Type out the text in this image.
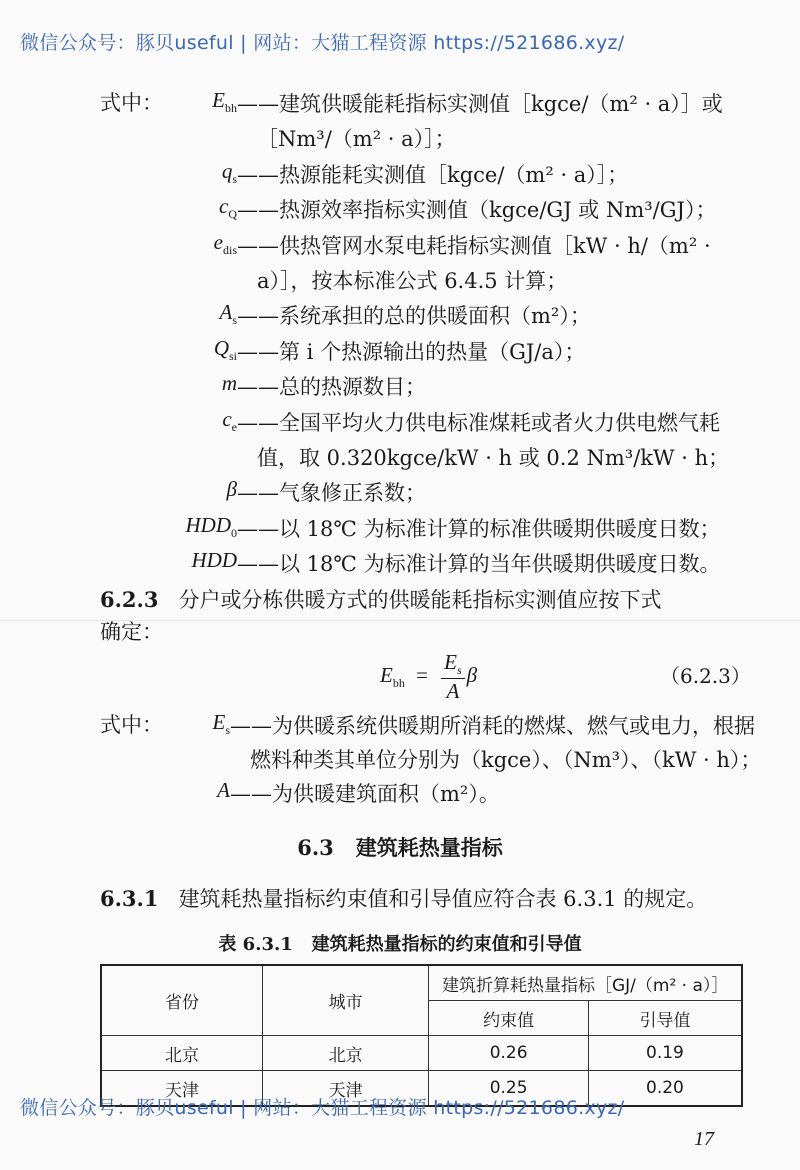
微信公众号：豚贝useful | 网站：大猫工程资源 https://521686.xyz/
式中：	$E_{bh}$ ——建筑供暖能耗指标实测值［kgce/（m² · a）］或
［Nm³/（m² · a）］；
$q_s$ ——热源能耗实测值［kgce/（m² · a）］；
$c_Q$ ——热源效率指标实测值（kgce/GJ 或 Nm³/GJ）；
$e_{dis}$ ——供热管网水泵电耗指标实测值［kW · h/（m² ·
a）］，按本标准公式 6.4.5 计算；
$A_s$ ——系统承担的总的供暖面积（m²）；
$Q_{si}$ ——第 i 个热源输出的热量（GJ/a）；
m ——总的热源数目；
$c_e$ ——全国平均火力供电标准煤耗或者火力供电燃气耗
值，取 0.320kgce/kW · h 或 0.2 Nm³/kW · h；
β ——气象修正系数；
$HDD_0$ ——以 18℃ 为标准计算的标准供暖期供暖度日数；
HDD ——以 18℃ 为标准计算的当年供暖期供暖度日数。
6.2.3 分户或分栋供暖方式的供暖能耗指标实测值应按下式
确定：
$E_{bh} = \frac{E_s}{A}$ β	（6.2.3）
式中：	$E_s$ ——为供暖系统供暖期所消耗的燃煤、燃气或电力，根据
燃料种类其单位分别为（kgce）、（Nm³）、（kW · h）；
A ——为供暖建筑面积（m²）。
6.3 建筑耗热量指标
6.3.1 建筑耗热量指标约束值和引导值应符合表 6.3.1 的规定。
表 6.3.1 建筑耗热量指标的约束值和引导值
省份	城市	建筑折算耗热量指标［GJ/（m² · a）］	
		约束值	引导值
北京	北京	0.26	0.19
天津	天津	0.25	0.20
微信公众号：豚贝useful | 网站：大猫工程资源 https://521686.xyz/
17
